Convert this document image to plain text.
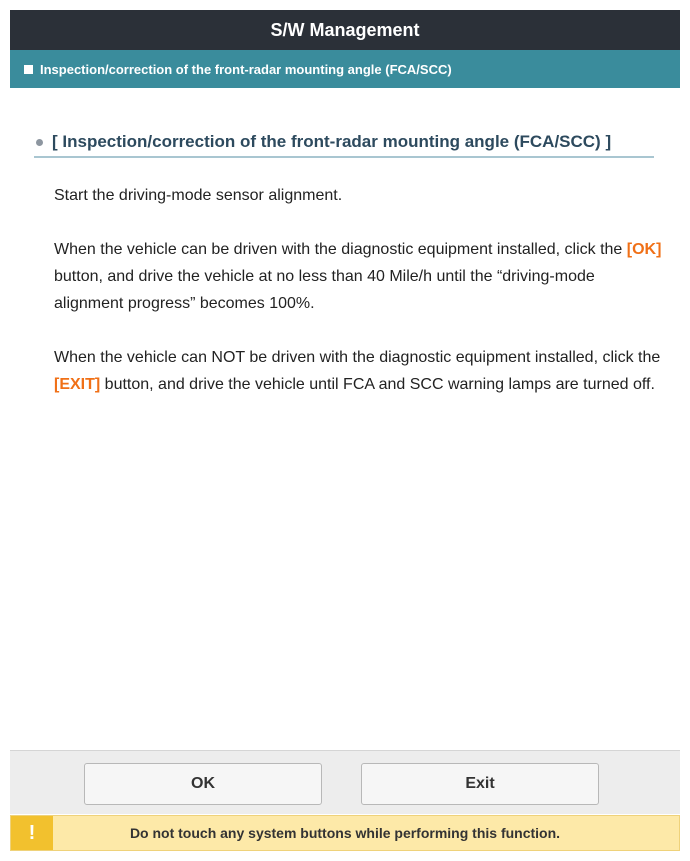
S/W Management
Inspection/correction of the front-radar mounting angle (FCA/SCC)
[ Inspection/correction of the front-radar mounting angle (FCA/SCC) ]

Start the driving-mode sensor alignment.

When the vehicle can be driven with the diagnostic equipment installed, click the [OK] button, and drive the vehicle at no less than 40 Mile/h until the “driving-mode alignment progress” becomes 100%.

When the vehicle can NOT be driven with the diagnostic equipment installed, click the [EXIT] button, and drive the vehicle until FCA and SCC warning lamps are turned off.

OK	Exit
!	Do not touch any system buttons while performing this function.
